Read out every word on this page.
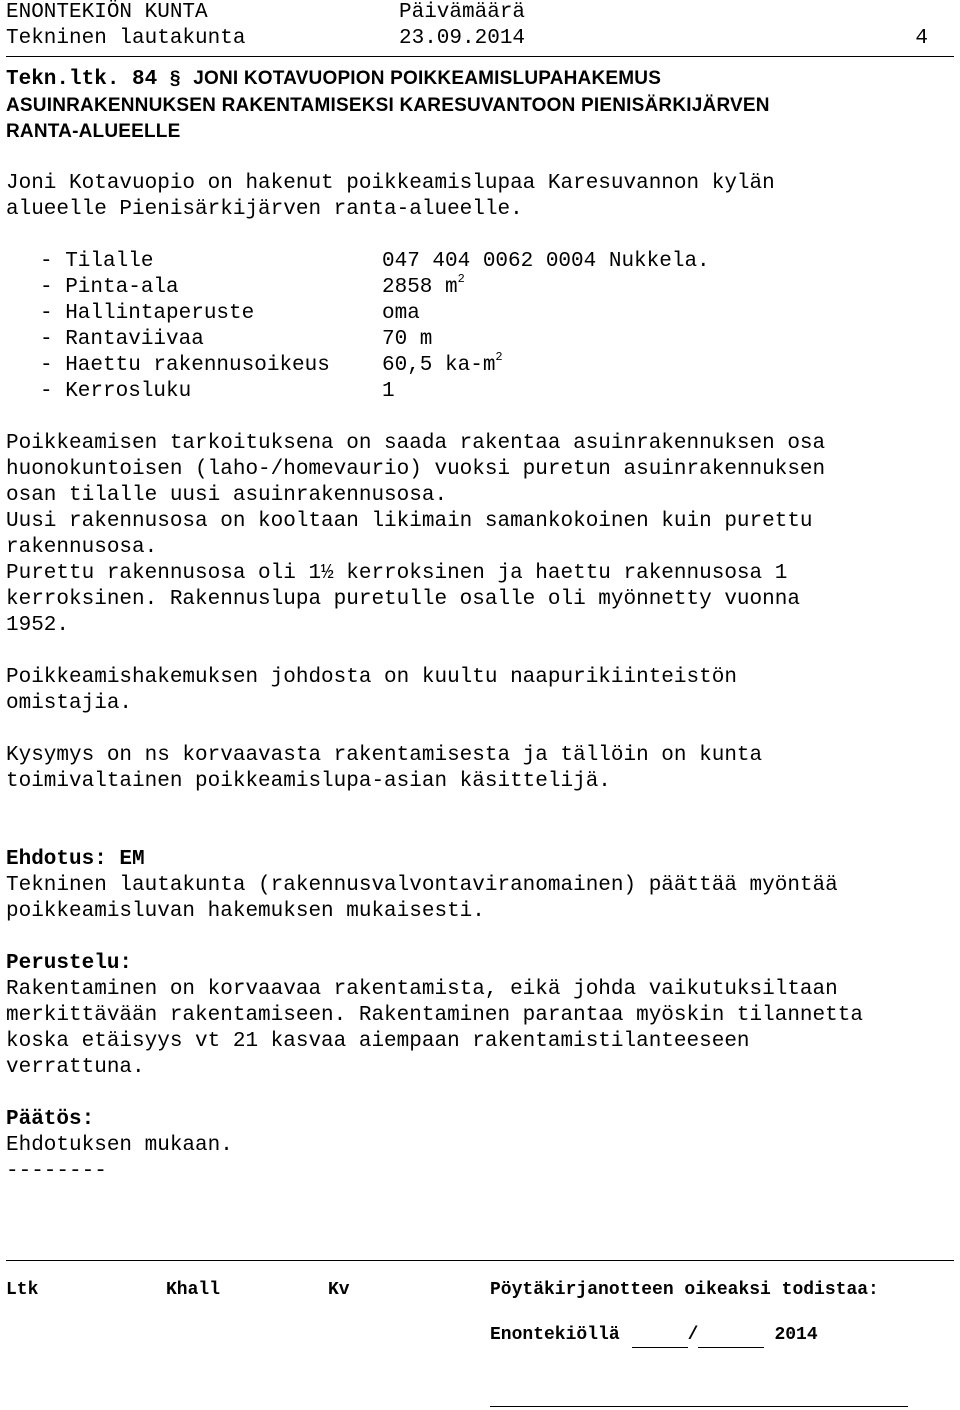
ENONTEKIÖN KUNTA	Päivämäärä
Tekninen lautakunta	23.09.2014	4
Tekn.ltk. 84 § JONI KOTAVUOPION POIKKEAMISLUPAHAKEMUS
ASUINRAKENNUKSEN RAKENTAMISEKSI KARESUVANTOON PIENISÄRKIJÄRVEN
RANTA-ALUEELLE

Joni Kotavuopio on hakenut poikkeamislupaa Karesuvannon kylän

alueelle Pienisärkijärven ranta-alueelle.

- Tilalle	047 404 0062 0004 Nukkela.
- Pinta-ala	2858 $m^2$
- Hallintaperuste	oma
- Rantaviivaa	70 m
- Haettu rakennusoikeus	60,5 $ka-m^2$
- Kerrosluku	1

Poikkeamisen tarkoituksena on saada rakentaa asuinrakennuksen osa

huonokuntoisen (laho-/homevaurio) vuoksi puretun asuinrakennuksen

osan tilalle uusi asuinrakennusosa.

Uusi rakennusosa on kooltaan likimain samankokoinen kuin purettu

rakennusosa.

Purettu rakennusosa oli 1½ kerroksinen ja haettu rakennusosa 1

kerroksinen. Rakennuslupa puretulle osalle oli myönnetty vuonna

1952.

Poikkeamishakemuksen johdosta on kuultu naapurikiinteistön

omistajia.

Kysymys on ns korvaavasta rakentamisesta ja tällöin on kunta

toimivaltainen poikkeamislupa-asian käsittelijä.

Ehdotus: EM

Tekninen lautakunta (rakennusvalvontaviranomainen) päättää myöntää

poikkeamisluvan hakemuksen mukaisesti.

Perustelu:

Rakentaminen on korvaavaa rakentamista, eikä johda vaikutuksiltaan

merkittävään rakentamiseen. Rakentaminen parantaa myöskin tilannetta

koska etäisyys vt 21 kasvaa aiempaan rakentamistilanteeseen

verrattuna.

Päätös:

Ehdotuksen mukaan.

--------

Ltk	Khall	Kv	Pöytäkirjanotteen oikeaksi todistaa:
Enontekiöllä	/	2014
